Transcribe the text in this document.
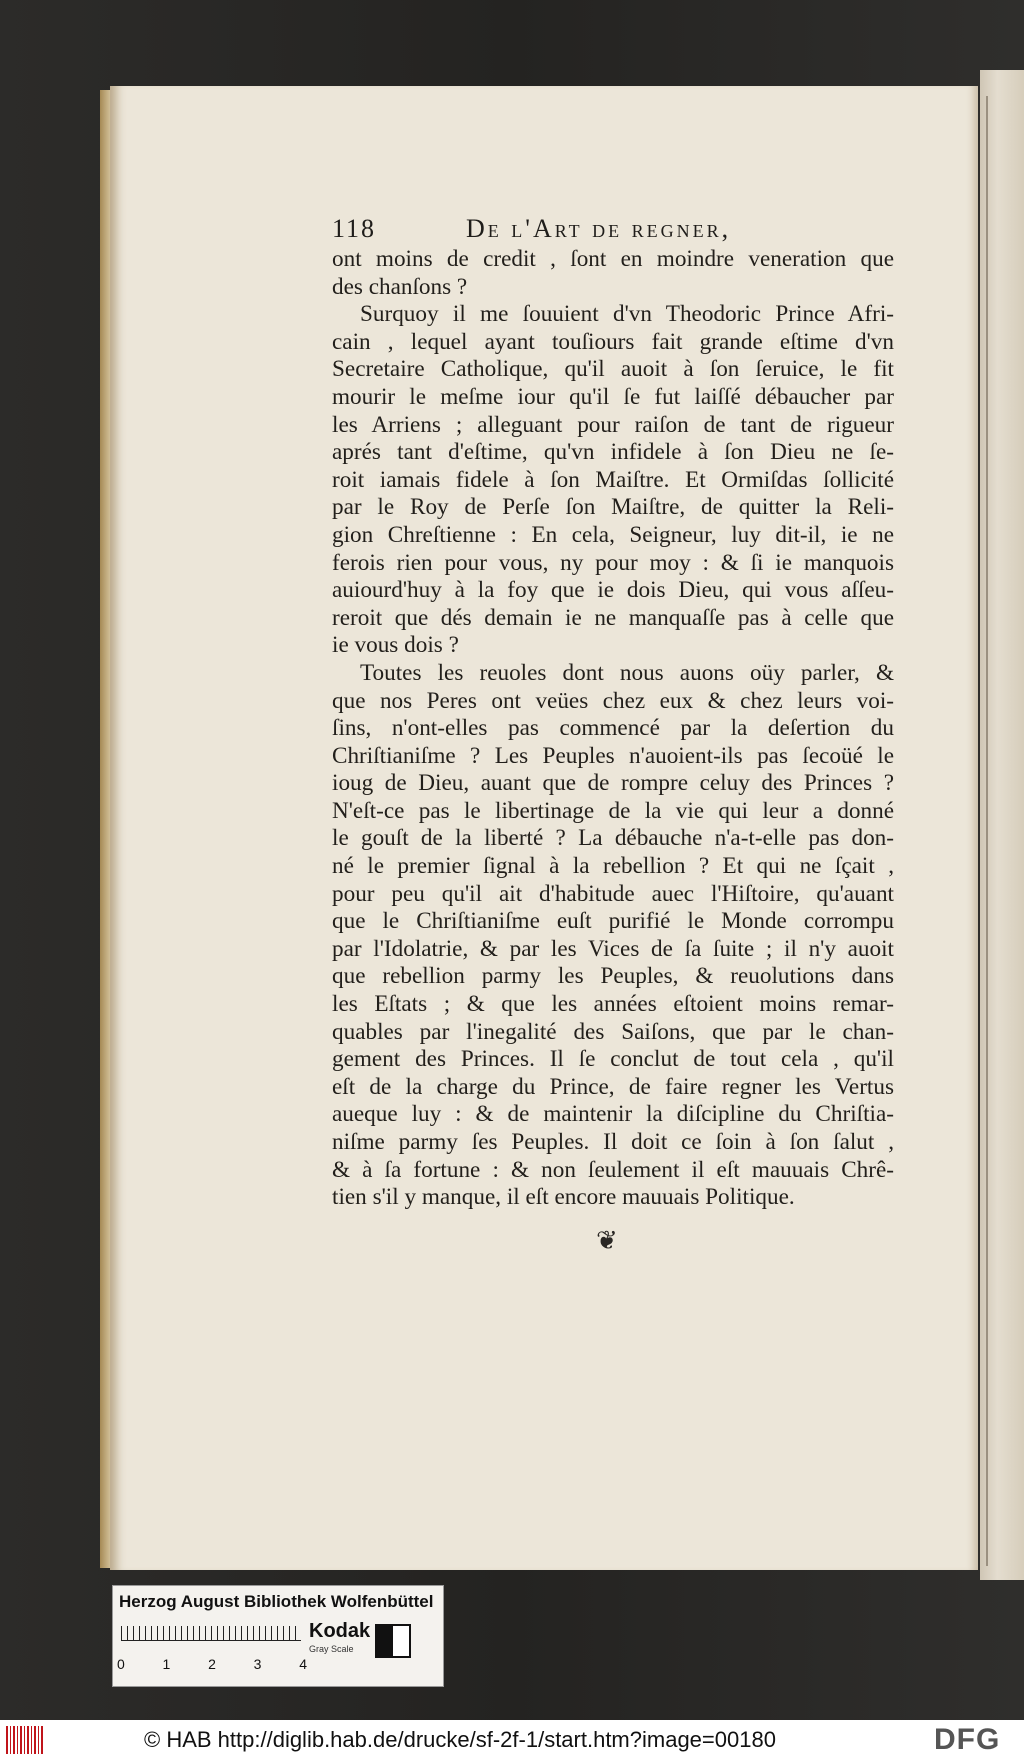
118	De l'Art de regner,
ont moins de credit , ſont en moindre veneration que
des chanſons ?
Surquoy il me ſouuient d'vn Theodoric Prince Afri-
cain , lequel ayant touſiours fait grande eſtime d'vn
Secretaire Catholique, qu'il auoit à ſon ſeruice, le fit
mourir le meſme iour qu'il ſe fut laiſſé débaucher par
les Arriens ; alleguant pour raiſon de tant de rigueur
aprés tant d'eſtime, qu'vn infidele à ſon Dieu ne ſe-
roit iamais fidele à ſon Maiſtre. Et Ormiſdas ſollicité
par le Roy de Perſe ſon Maiſtre, de quitter la Reli-
gion Chreſtienne : En cela, Seigneur, luy dit-il, ie ne
ferois rien pour vous, ny pour moy : & ſi ie manquois
auiourd'huy à la foy que ie dois Dieu, qui vous aſſeu-
reroit que dés demain ie ne manquaſſe pas à celle que
ie vous dois ?
Toutes les reuoles dont nous auons oüy parler, &
que nos Peres ont veües chez eux & chez leurs voi-
ſins, n'ont-elles pas commencé par la deſertion du
Chriſtianiſme ? Les Peuples n'auoient-ils pas ſecoüé le
ioug de Dieu, auant que de rompre celuy des Princes ?
N'eſt-ce pas le libertinage de la vie qui leur a donné
le gouſt de la liberté ? La débauche n'a-t-elle pas don-
né le premier ſignal à la rebellion ? Et qui ne ſçait ,
pour peu qu'il ait d'habitude auec l'Hiſtoire, qu'auant
que le Chriſtianiſme euſt purifié le Monde corrompu
par l'Idolatrie, & par les Vices de ſa ſuite ; il n'y auoit
que rebellion parmy les Peuples, & reuolutions dans
les Eſtats ; & que les années eſtoient moins remar-
quables par l'inegalité des Saiſons, que par le chan-
gement des Princes. Il ſe conclut de tout cela , qu'il
eſt de la charge du Prince, de faire regner les Vertus
aueque luy : & de maintenir la diſcipline du Chriſtia-
niſme parmy ſes Peuples. Il doit ce ſoin à ſon ſalut ,
& à ſa fortune : & non ſeulement il eſt mauuais Chrê-
tien s'il y manque, il eſt encore mauuais Politique.
❦
Herzog August Bibliothek Wolfenbüttel
0	1	2	3	4
Kodak
Gray Scale
© HAB http://diglib.hab.de/drucke/sf-2f-1/start.htm?image=00180	DFG
